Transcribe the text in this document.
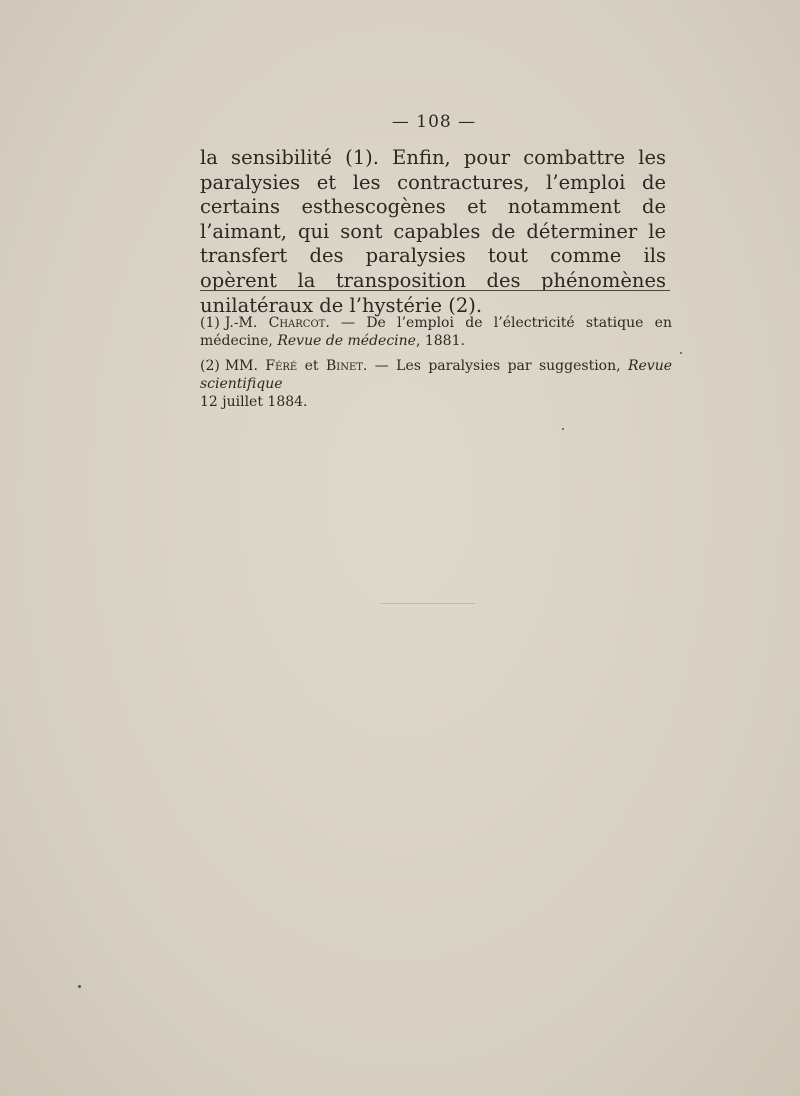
— 108 —

la sensibilité (1). Enfin, pour combattre les paralysies et les contractures, l’emploi de certains esthescogènes et notamment de l’aimant, qui sont capables de déterminer le transfert des paralysies tout comme ils opèrent la transposition des phénomènes unilatéraux de l’hystérie (2).

(1) J.-M. Charcot. — De l’emploi de l’électricité statique en médecine, Revue de médecine, 1881.

(2) MM. Féré et Binet. — Les paralysies par suggestion, Revue scientifique
12 juillet 1884.
